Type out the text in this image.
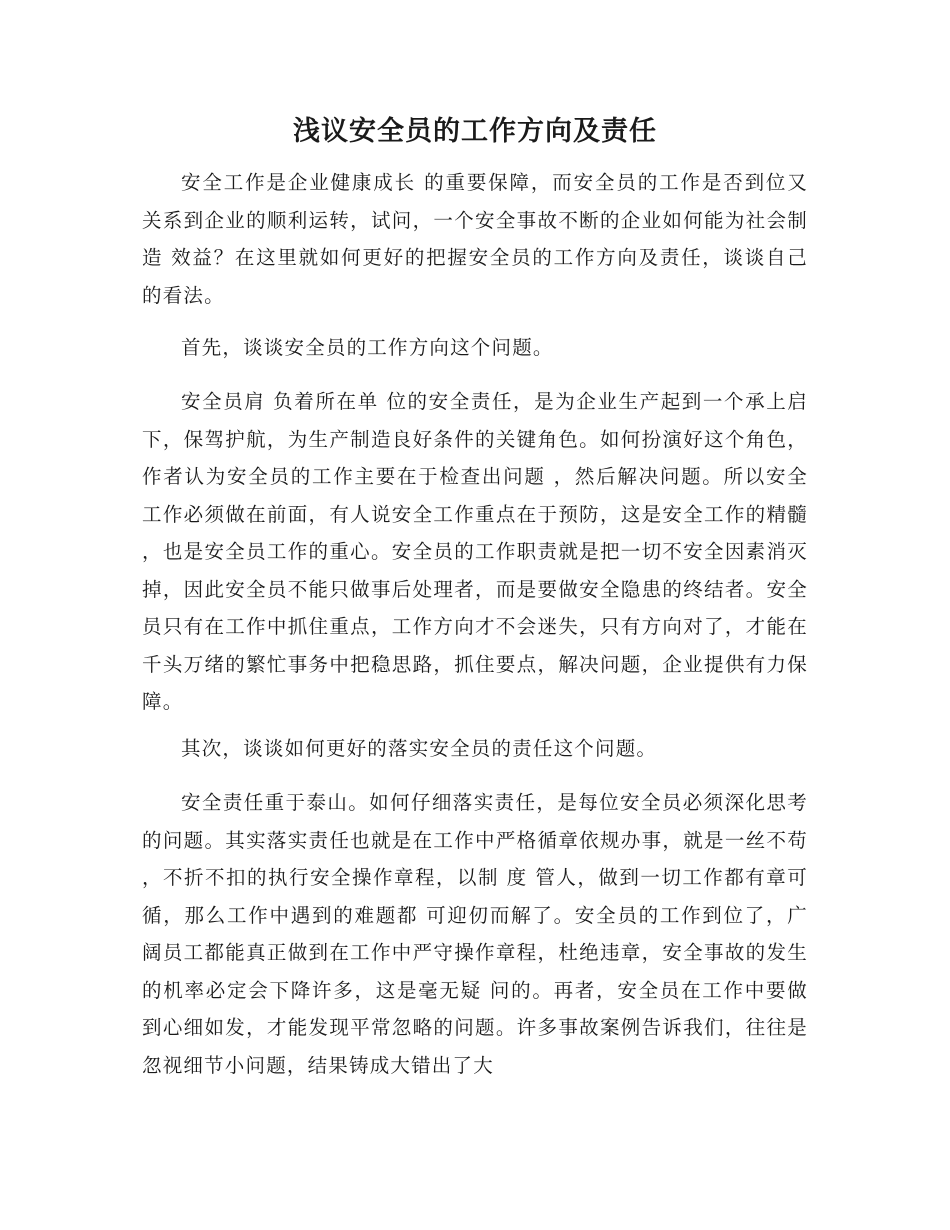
浅议安全员的工作方向及责任

安全工作是企业健康成长 的重要保障，而安全员的工作是否到位又关系到企业的顺利运转，试问，一个安全事故不断的企业如何能为社会制造 效益？在这里就如何更好的把握安全员的工作方向及责任，谈谈自己的看法。

首先，谈谈安全员的工作方向这个问题。

安全员肩 负着所在单 位的安全责任，是为企业生产起到一个承上启下，保驾护航，为生产制造良好条件的关键角色。如何扮演好这个角色，作者认为安全员的工作主要在于检查出问题 ，然后解决问题。所以安全工作必须做在前面，有人说安全工作重点在于预防，这是安全工作的精髓 ，也是安全员工作的重心。安全员的工作职责就是把一切不安全因素消灭 掉，因此安全员不能只做事后处理者，而是要做安全隐患的终结者。安全员只有在工作中抓住重点，工作方向才不会迷失，只有方向对了，才能在千头万绪的繁忙事务中把稳思路，抓住要点，解决问题，企业提供有力保障。

其次，谈谈如何更好的落实安全员的责任这个问题。

安全责任重于泰山。如何仔细落实责任，是每位安全员必须深化思考的问题。其实落实责任也就是在工作中严格循章依规办事，就是一丝不苟 ，不折不扣的执行安全操作章程，以制 度 管人，做到一切工作都有章可循，那么工作中遇到的难题都 可迎仞而解了。安全员的工作到位了，广阔员工都能真正做到在工作中严守操作章程，杜绝违章，安全事故的发生的机率必定会下降许多，这是毫无疑 问的。再者，安全员在工作中要做到心细如发，才能发现平常忽略的问题。许多事故案例告诉我们，往往是忽视细节小问题，结果铸成大错出了大
